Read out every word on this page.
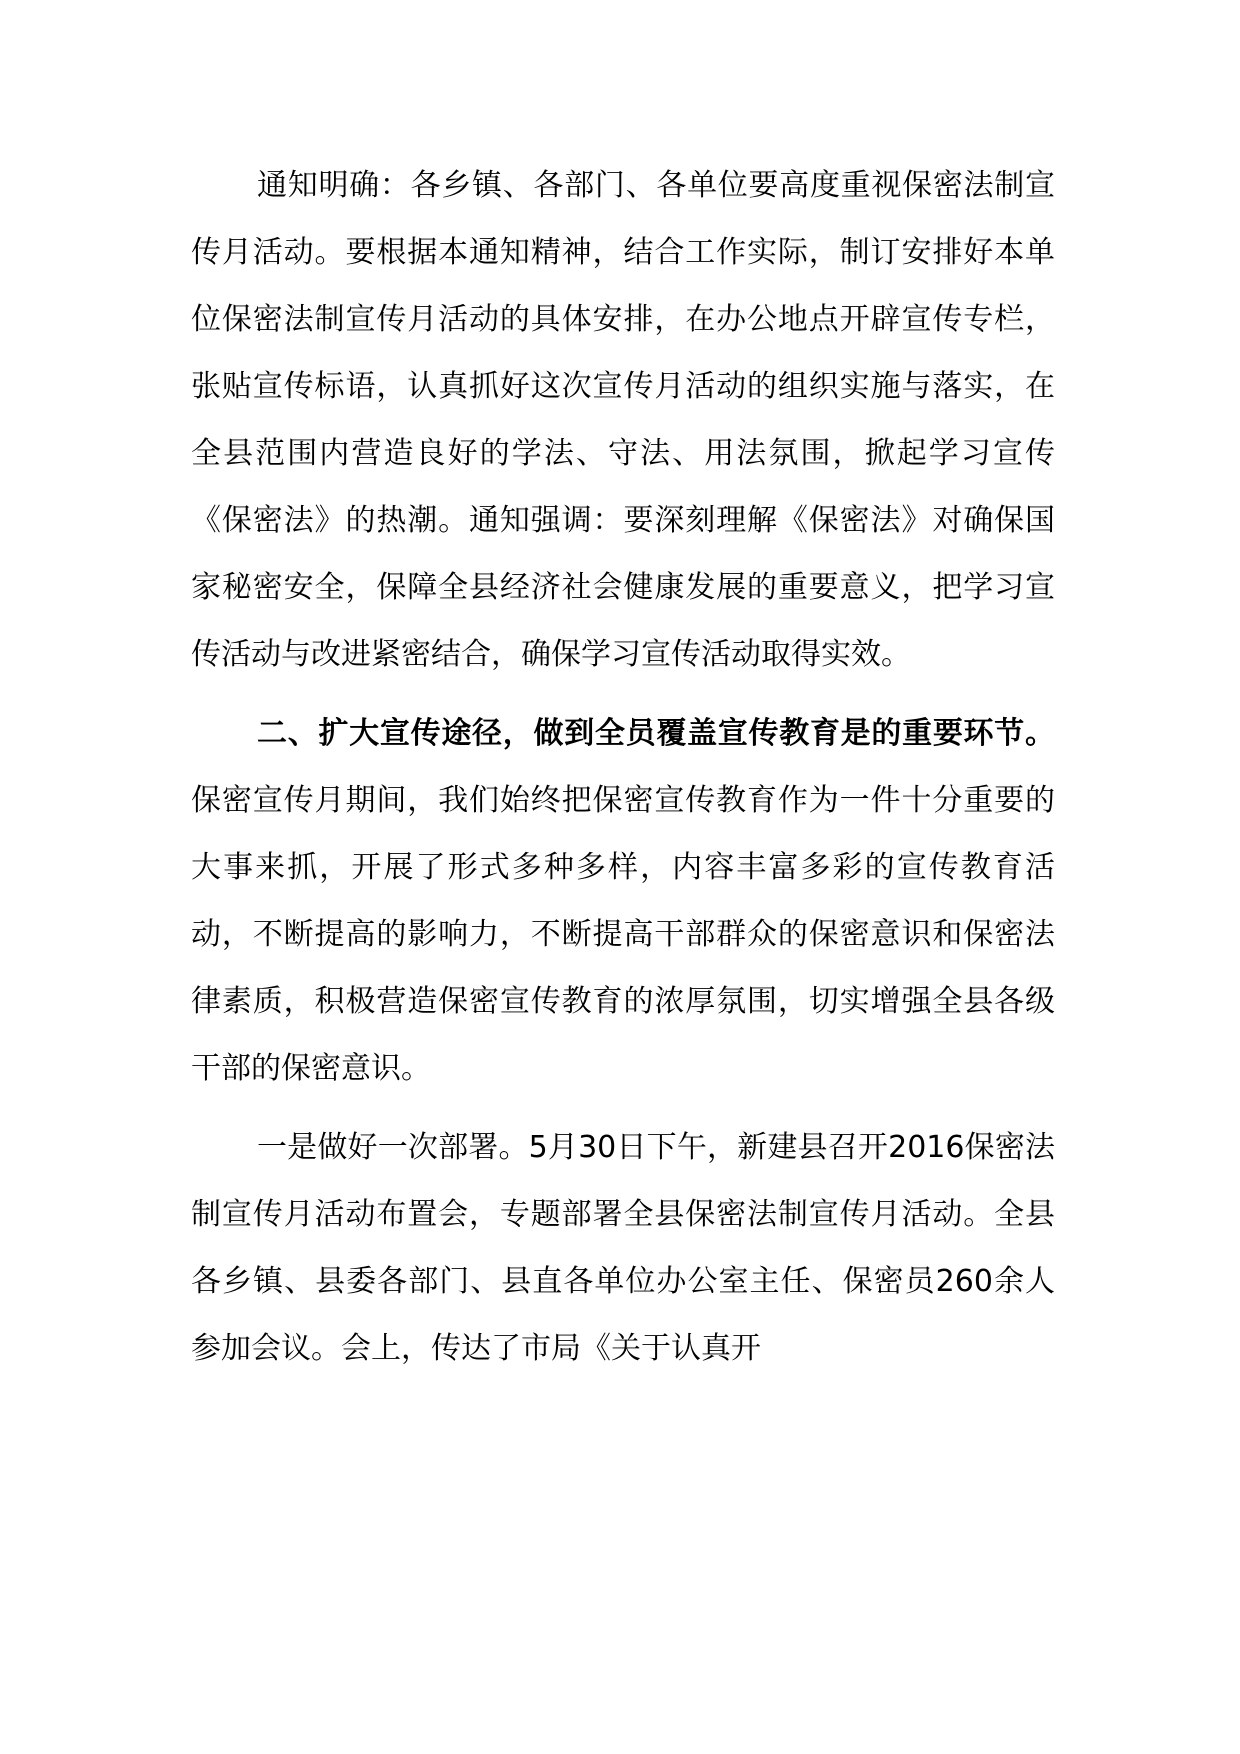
通知明确：各乡镇、各部门、各单位要高度重视保密法制宣传月活动。要根据本通知精神，结合工作实际，制订安排好本单位保密法制宣传月活动的具体安排，在办公地点开辟宣传专栏，张贴宣传标语，认真抓好这次宣传月活动的组织实施与落实，在全县范围内营造良好的学法、守法、用法氛围，掀起学习宣传《保密法》的热潮。通知强调：要深刻理解《保密法》对确保国家秘密安全，保障全县经济社会健康发展的重要意义，把学习宣传活动与改进紧密结合，确保学习宣传活动取得实效。

二、扩大宣传途径，做到全员覆盖宣传教育是的重要环节。保密宣传月期间，我们始终把保密宣传教育作为一件十分重要的大事来抓，开展了形式多种多样，内容丰富多彩的宣传教育活动，不断提高的影响力，不断提高干部群众的保密意识和保密法律素质，积极营造保密宣传教育的浓厚氛围，切实增强全县各级干部的保密意识。

一是做好一次部署。5月30日下午，新建县召开2016保密法制宣传月活动布置会，专题部署全县保密法制宣传月活动。全县各乡镇、县委各部门、县直各单位办公室主任、保密员260余人参加会议。会上，传达了市局《关于认真开
